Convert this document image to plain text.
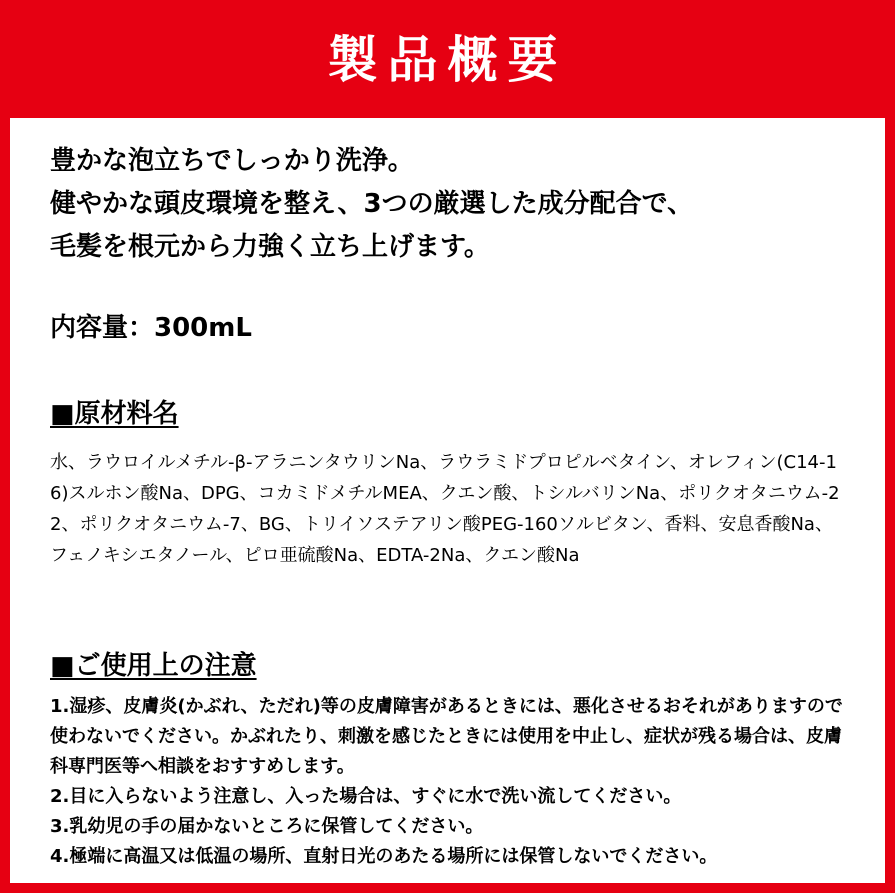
製品概要

豊かな泡立ちでしっかり洗浄。

健やかな頭皮環境を整え、3つの厳選した成分配合で、

毛髪を根元から力強く立ち上げます。

内容量：300mL
■原材料名

水、ラウロイルメチル-β-アラニンタウリンNa、ラウラミドプロピルベタイン、オレフィン(C14-16)スルホン酸Na、DPG、コカミドメチルMEA、クエン酸、トシルバリンNa、ポリクオタニウム-22、ポリクオタニウム-7、BG、トリイソステアリン酸PEG-160ソルビタン、香料、安息香酸Na、フェノキシエタノール、ピロ亜硫酸Na、EDTA-2Na、クエン酸Na

■ご使用上の注意
1.湿疹、皮膚炎(かぶれ、ただれ)等の皮膚障害があるときには、悪化させるおそれがありますので使わないでください。かぶれたり、刺激を感じたときには使用を中止し、症状が残る場合は、皮膚科専門医等へ相談をおすすめします。
2.目に入らないよう注意し、入った場合は、すぐに水で洗い流してください。
3.乳幼児の手の届かないところに保管してください。
4.極端に高温又は低温の場所、直射日光のあたる場所には保管しないでください。
